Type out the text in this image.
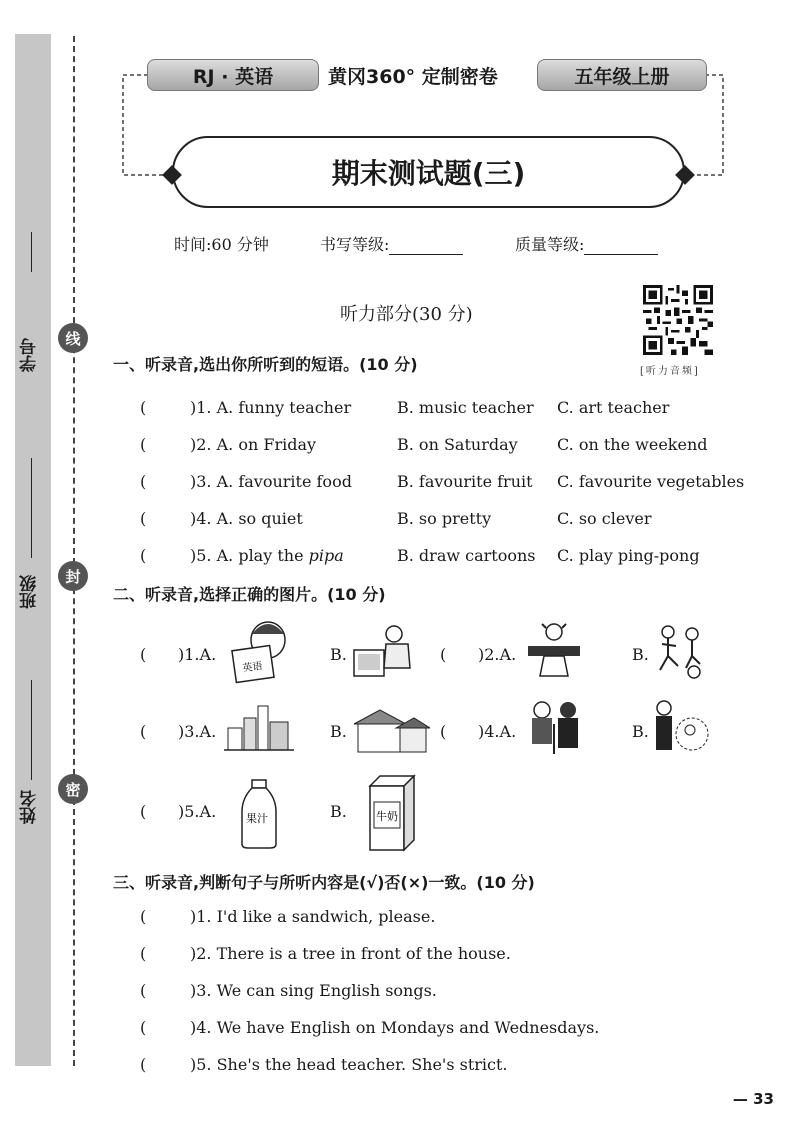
学号
班级
姓名
线
封
密
RJ · 英语	黄冈360° 定制密卷	五年级上册
期末测试题(三)
时间:60 分钟	书写等级:	质量等级:
听力部分(30 分)
[听力音频]
一、听录音,选出你所听到的短语。(10 分)
(	)1. A. funny teacher	B. music teacher C. art teacher
(	)2. A. on Friday	B. on Saturday C. on the weekend
(	)3. A. favourite food	B. favourite fruit C. favourite vegetables
(	)4. A. so quiet	B. so pretty	C. so clever
(	)5. A. play the pipa	B. draw cartoons C. play ping-pong
二、听录音,选择正确的图片。(10 分)
( )1.A.
英语
B.	( )2.A.	B.
( )3.A.	B.	( )4.A.	B.
( )5.A.	果汁	B.	牛奶
三、听录音,判断句子与所听内容是(√)否(×)一致。(10 分)
(	)1. I'd like a sandwich, please.
(	)2. There is a tree in front of the house.
(	)3. We can sing English songs.
(	)4. We have English on Mondays and Wednesdays.
(	)5. She's the head teacher. She's strict.
— 33
